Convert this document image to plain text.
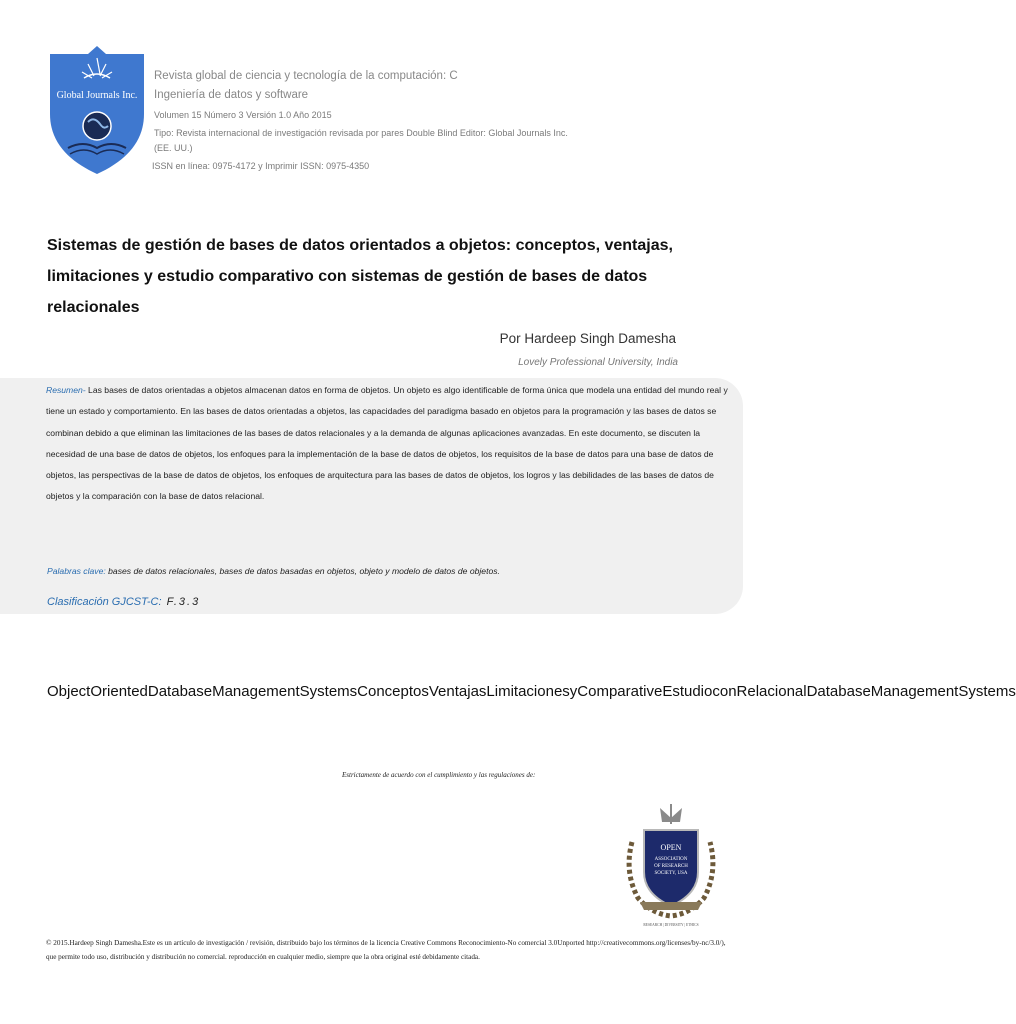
Global Journals Inc.
Revista global de ciencia y tecnología de la computación: C
Ingeniería de datos y software
Volumen 15 Número 3 Versión 1.0 Año 2015
Tipo: Revista internacional de investigación revisada por pares Double Blind Editor: Global Journals Inc. (EE. UU.)
ISSN en línea: 0975-4172 y Imprimir ISSN: 0975-4350
Sistemas de gestión de bases de datos orientados a objetos: conceptos, ventajas, limitaciones y estudio comparativo con sistemas de gestión de bases de datos relacionales
Por Hardeep Singh Damesha
Lovely Professional University, India
Resumen- Las bases de datos orientadas a objetos almacenan datos en forma de objetos. Un objeto es algo identificable de forma única que modela una entidad del mundo real y tiene un estado y comportamiento. En las bases de datos orientadas a objetos, las capacidades del paradigma basado en objetos para la programación y las bases de datos se combinan debido a que eliminan las limitaciones de las bases de datos relacionales y a la demanda de algunas aplicaciones avanzadas. En este documento, se discuten la necesidad de una base de datos de objetos, los enfoques para la implementación de la base de datos de objetos, los requisitos de la base de datos para una base de datos de objetos, las perspectivas de la base de datos de objetos, los enfoques de arquitectura para las bases de datos de objetos, los logros y las debilidades de las bases de datos de objetos y la comparación con la base de datos relacional.
Palabras clave: bases de datos relacionales, bases de datos basadas en objetos, objeto y modelo de datos de objetos.
Clasificación GJCST-C: F.3.3
ObjectOrientedDatabaseManagementSystemsConceptosVentajasLimitacionesyComparativeEstudioconRelacionalDatabaseManagementSystems
Estrictamente de acuerdo con el cumplimiento y las regulaciones de:
OPEN
ASSOCIATION
OF RESEARCH
SOCIETY, USA
RESEARCH | DIVERSITY | ETHICS
© 2015.Hardeep Singh Damesha.Este es un artículo de investigación / revisión, distribuido bajo los términos de la licencia Creative Commons Reconocimiento-No comercial 3.0Unported http://creativecommons.org/licenses/by-nc/3.0/), que permite todo uso, distribución y distribución no comercial. reproducción en cualquier medio, siempre que la obra original esté debidamente citada.
